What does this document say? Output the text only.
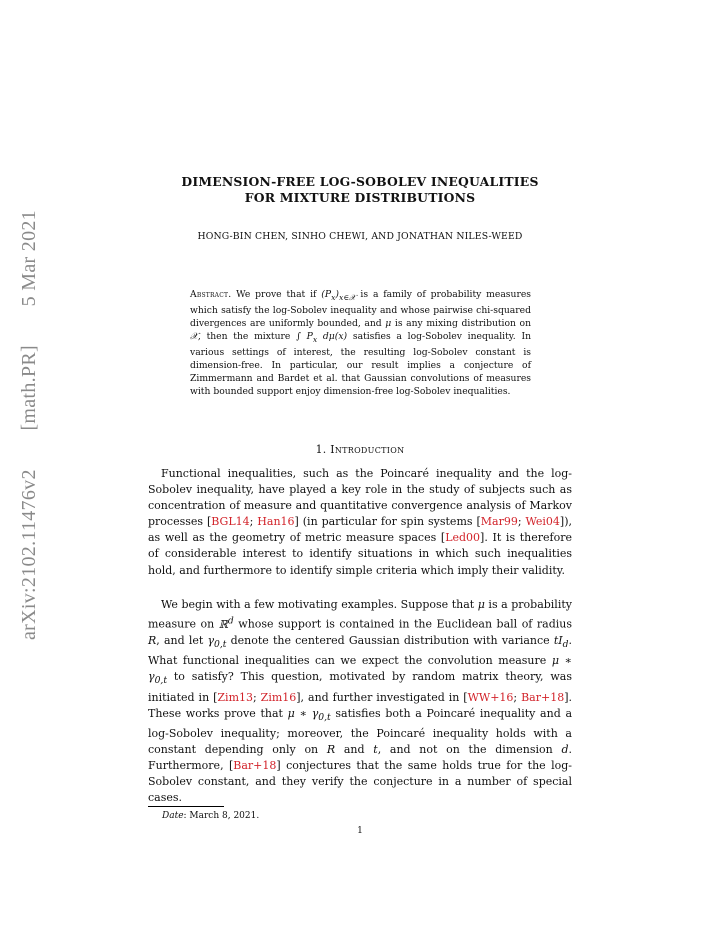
arXiv:2102.11476v2
[math.PR]
5 Mar 2021
DIMENSION-FREE LOG-SOBOLEV INEQUALITIES
FOR MIXTURE DISTRIBUTIONS
HONG-BIN CHEN, SINHO CHEWI, AND JONATHAN NILES-WEED
Abstract. We prove that if $(P_x)_{x\in 𝒳}$ is a family of probability measures which satisfy the log-Sobolev inequality and whose pairwise chi-squared divergences are uniformly bounded, and μ is any mixing distribution on 𝒳, then the mixture ∫ $P_x$ dμ(x) satisfies a log-Sobolev inequality. In various settings of interest, the resulting log-Sobolev constant is dimension-free. In particular, our result implies a conjecture of Zimmermann and Bardet et al. that Gaussian convolutions of measures with bounded support enjoy dimension-free log-Sobolev inequalities.
1. Introduction
Functional inequalities, such as the Poincaré inequality and the log-Sobolev inequality, have played a key role in the study of subjects such as concentration of measure and quantitative convergence analysis of Markov processes [BGL14; Han16] (in particular for spin systems [Mar99; Wei04]), as well as the geometry of metric measure spaces [Led00]. It is therefore of considerable interest to identify situations in which such inequalities hold, and furthermore to identify simple criteria which imply their validity.
We begin with a few motivating examples. Suppose that μ is a probability measure on ℝ$^d$ whose support is contained in the Euclidean ball of radius R, and let $\gamma_{0,t}$ denote the centered Gaussian distribution with variance $tI_d$. What functional inequalities can we expect the convolution measure μ ∗ $\gamma_{0,t}$ to satisfy? This question, motivated by random matrix theory, was initiated in [Zim13; Zim16], and further investigated in [WW+16; Bar+18]. These works prove that μ ∗ $\gamma_{0,t}$ satisfies both a Poincaré inequality and a log-Sobolev inequality; moreover, the Poincaré inequality holds with a constant depending only on R and t, and not on the dimension d. Furthermore, [Bar+18] conjectures that the same holds true for the log-Sobolev constant, and they verify the conjecture in a number of special cases.
Date: March 8, 2021.
1
